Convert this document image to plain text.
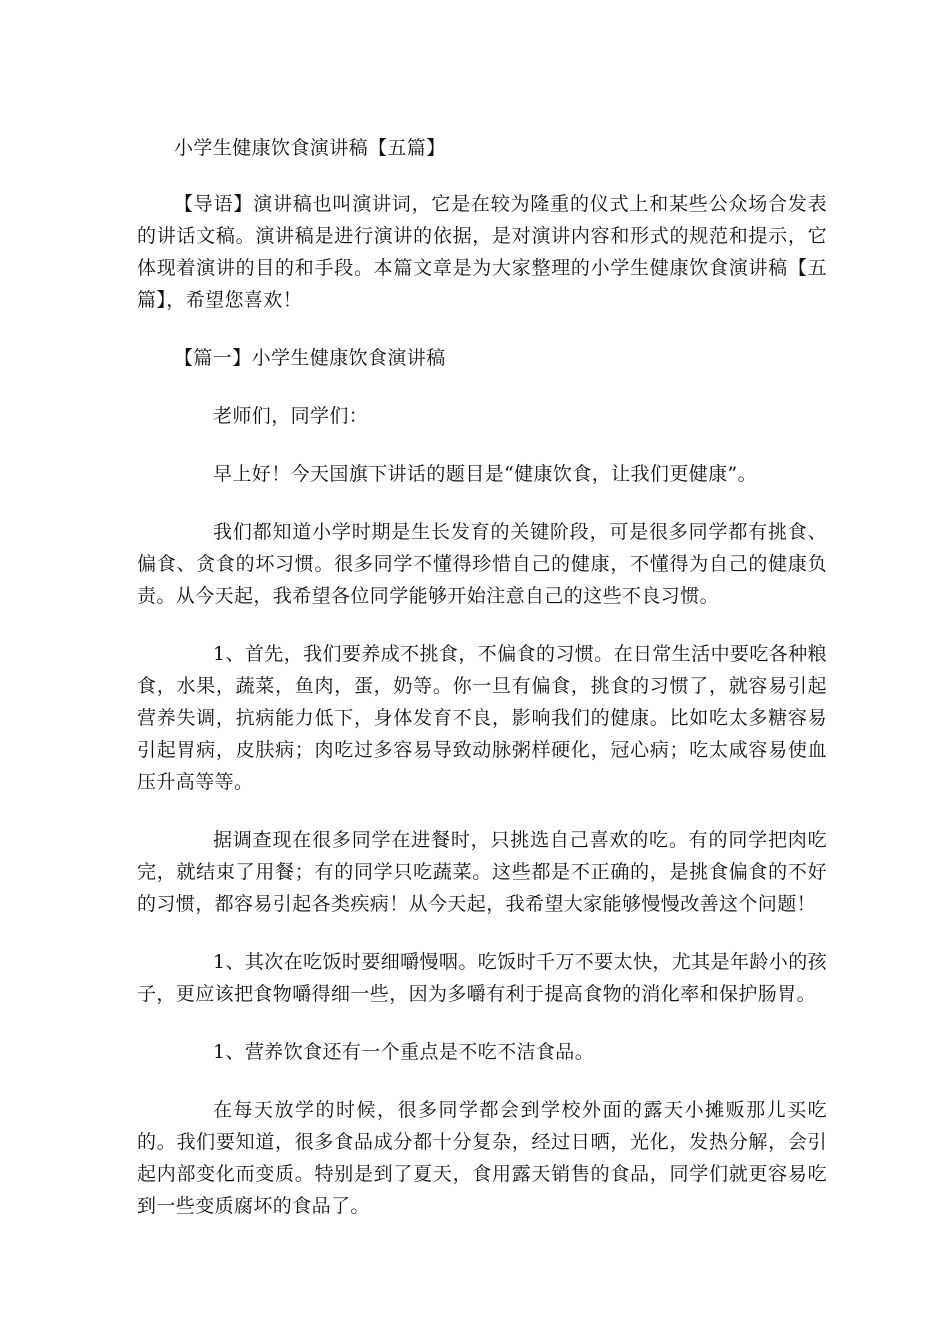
小学生健康饮食演讲稿【五篇】

【导语】演讲稿也叫演讲词，它是在较为隆重的仪式上和某些公众场合发表的讲话文稿。演讲稿是进行演讲的依据，是对演讲内容和形式的规范和提示，它体现着演讲的目的和手段。本篇文章是为大家整理的小学生健康饮食演讲稿【五篇】，希望您喜欢！

【篇一】小学生健康饮食演讲稿

老师们，同学们：

早上好！今天国旗下讲话的题目是“健康饮食，让我们更健康”。

我们都知道小学时期是生长发育的关键阶段，可是很多同学都有挑食、偏食、贪食的坏习惯。很多同学不懂得珍惜自己的健康，不懂得为自己的健康负责。从今天起，我希望各位同学能够开始注意自己的这些不良习惯。

1、首先，我们要养成不挑食，不偏食的习惯。在日常生活中要吃各种粮食，水果，蔬菜，鱼肉，蛋，奶等。你一旦有偏食，挑食的习惯了，就容易引起营养失调，抗病能力低下，身体发育不良，影响我们的健康。比如吃太多糖容易引起胃病，皮肤病；肉吃过多容易导致动脉粥样硬化，冠心病；吃太咸容易使血压升高等等。

据调查现在很多同学在进餐时，只挑选自己喜欢的吃。有的同学把肉吃完，就结束了用餐；有的同学只吃蔬菜。这些都是不正确的，是挑食偏食的不好的习惯，都容易引起各类疾病！从今天起，我希望大家能够慢慢改善这个问题！

1、其次在吃饭时要细嚼慢咽。吃饭时千万不要太快，尤其是年龄小的孩子，更应该把食物嚼得细一些，因为多嚼有利于提高食物的消化率和保护肠胃。

1、营养饮食还有一个重点是不吃不洁食品。

在每天放学的时候，很多同学都会到学校外面的露天小摊贩那儿买吃的。我们要知道，很多食品成分都十分复杂，经过日晒，光化，发热分解，会引起内部变化而变质。特别是到了夏天，食用露天销售的食品，同学们就更容易吃到一些变质腐坏的食品了。
